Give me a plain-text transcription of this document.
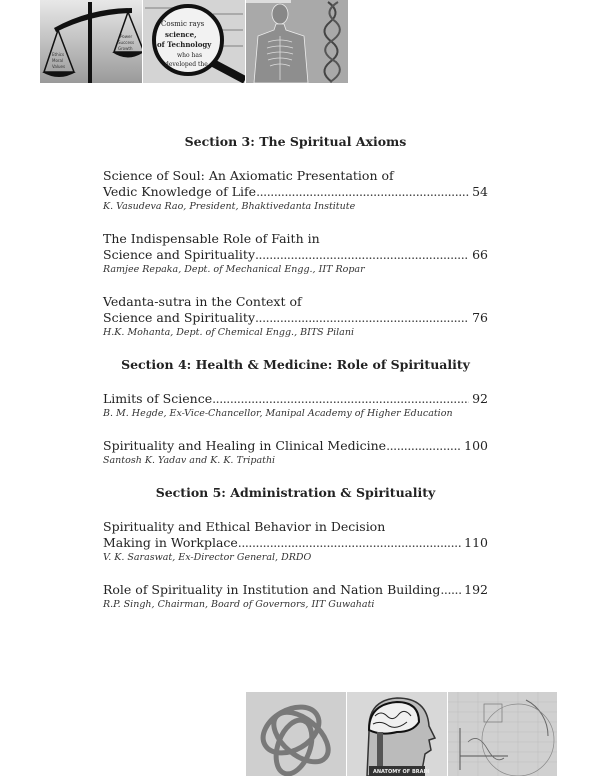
Ethics
Moral
Values
Power
Success
Growth
Cosmic rays
science,
of Technology
who has
developed the
Section 3: The Spiritual Axioms
Science of Soul: An Axiomatic Presentation of
Vedic Knowledge of Life . . .	54
K. Vasudeva Rao, President, Bhaktivedanta Institute
The Indispensable Role of Faith in
Science and Spirituality . . .	66
Ramjee Repaka, Dept. of Mechanical Engg., IIT Ropar
Vedanta-sutra in the Context of
Science and Spirituality . . .	76
H.K. Mohanta, Dept. of Chemical Engg., BITS Pilani
Section 4: Health & Medicine: Role of Spirituality
Limits of Science . . .	92
B. M. Hegde, Ex-Vice-Chancellor, Manipal Academy of Higher Education
Spirituality and Healing in Clinical Medicine . . .	100
Santosh K. Yadav and K. K. Tripathi
Section 5: Administration & Spirituality
Spirituality and Ethical Behavior in Decision
Making in Workplace . . .	110
V. K. Saraswat, Ex-Director General, DRDO
Role of Spirituality in Institution and Nation Building . . . 192
R.P. Singh, Chairman, Board of Governors, IIT Guwahati
ANATOMY OF BRAIN
